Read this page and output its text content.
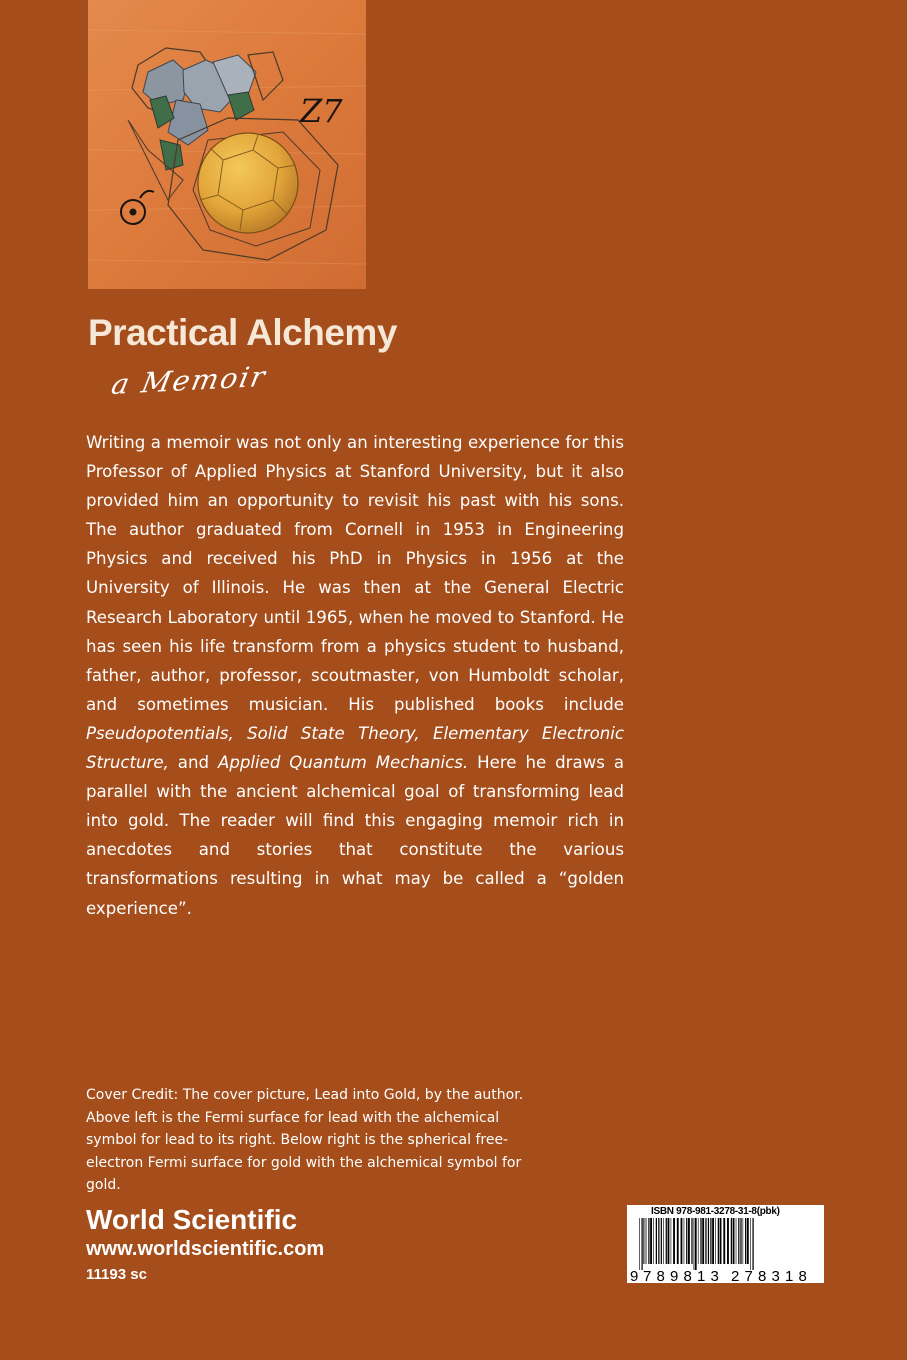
Z7
Practical Alchemy
a Memoir

Writing a memoir was not only an interesting experience for this Professor of Applied Physics at Stanford University, but it also provided him an opportunity to revisit his past with his sons. The author graduated from Cornell in 1953 in Engineering Physics and received his PhD in Physics in 1956 at the University of Illinois. He was then at the General Electric Research Laboratory until 1965, when he moved to Stanford. He has seen his life transform from a physics student to husband, father, author, professor, scoutmaster, von Humboldt scholar, and sometimes musician. His published books include Pseudopotentials, Solid State Theory, Elementary Electronic Structure, and Applied Quantum Mechanics. Here he draws a parallel with the ancient alchemical goal of transforming lead into gold. The reader will find this engaging memoir rich in anecdotes and stories that constitute the various transformations resulting in what may be called a “golden experience”.

Cover Credit: The cover picture, Lead into Gold, by the author. Above left is the Fermi surface for lead with the alchemical symbol for lead to its right. Below right is the spherical free-electron Fermi surface for gold with the alchemical symbol for gold.

World Scientific
www.worldscientific.com
11193 sc
ISBN 978-981-3278-31-8(pbk)
9 7 8 9 8 1 3 2 7 8 3 1 8
